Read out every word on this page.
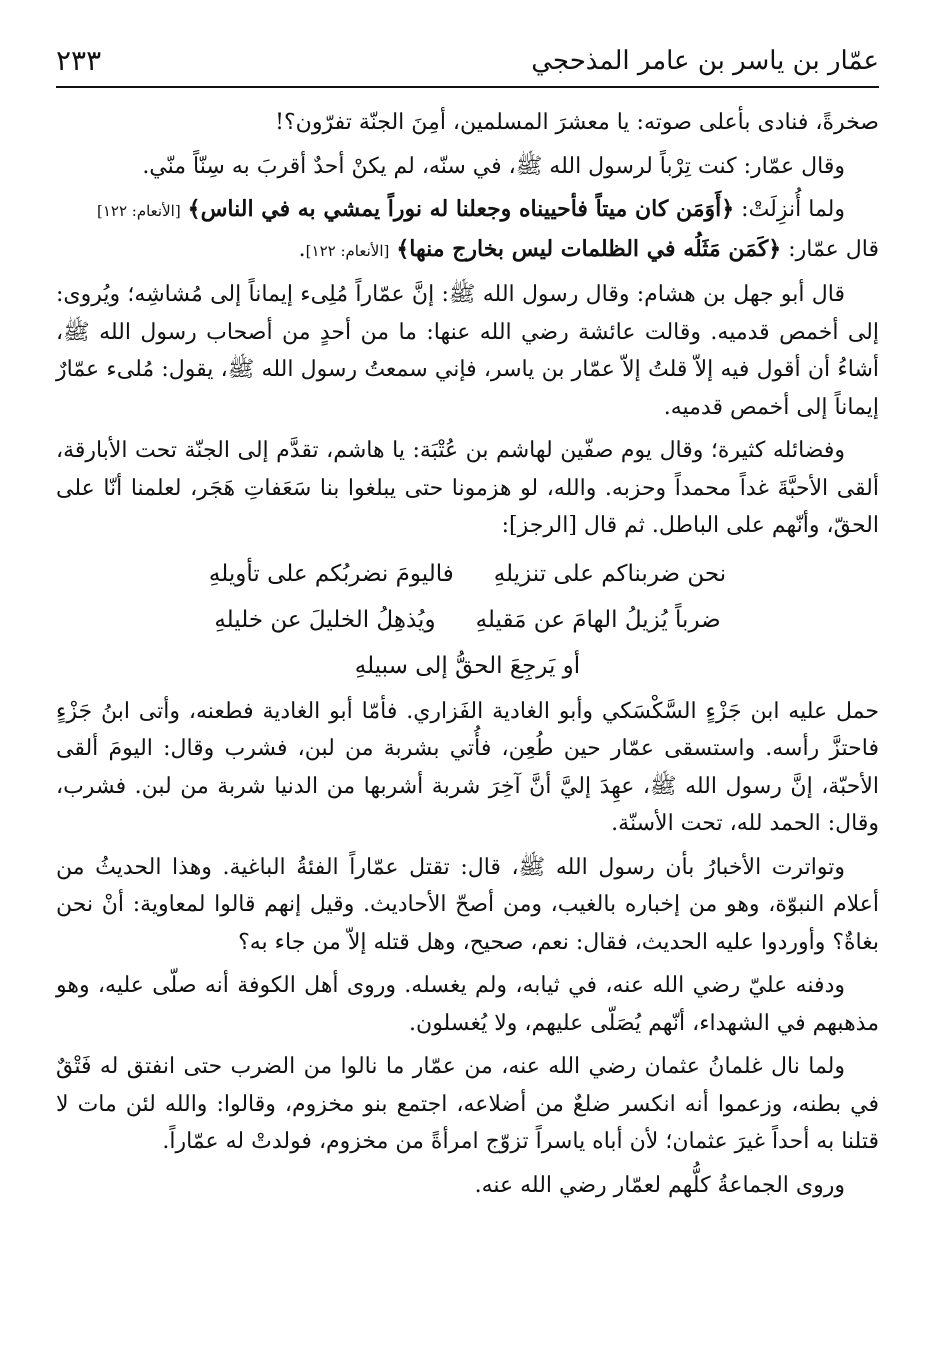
عمّار بن ياسر بن عامر المذحجي
٢٣٣

صخرةً، فنادى بأعلى صوته: يا معشرَ المسلمين، أمِنَ الجنّة تفرّون؟!

وقال عمّار: كنت تِرْباً لرسول الله ﷺ، في سنّه، لم يكنْ أحدٌ أقربَ به سِنّاً منّي.

ولما أُنزِلَتْ: ﴿أَوَمَن كان ميتاً فأحييناه وجعلنا له نوراً يمشي به في الناس﴾ [الأنعام: ١٢٢]
قال عمّار: ﴿كَمَن مَثَلُه في الظلمات ليس بخارج منها﴾ [الأنعام: ١٢٢].

قال أبو جهل بن هشام: وقال رسول الله ﷺ: إنَّ عمّاراً مُلِىء إيماناً إلى مُشاشِه؛ ويُروى: إلى أخمص قدميه. وقالت عائشة رضي الله عنها: ما من أحدٍ من أصحاب رسول الله ﷺ، أشاءُ أن أقول فيه إلاّ قلتُ إلاّ عمّار بن ياسر، فإني سمعتُ رسول الله ﷺ، يقول: مُلىء عمّارٌ إيماناً إلى أخمص قدميه.

وفضائله كثيرة؛ وقال يوم صفّين لهاشم بن عُتْبَة: يا هاشم، تقدَّم إلى الجنّة تحت الأبارقة، ألقى الأحبَّةَ غداً محمداً وحزبه. والله، لو هزمونا حتى يبلغوا بنا سَعَفاتِ هَجَر، لعلمنا أنّا على الحقّ، وأنّهم على الباطل. ثم قال [الرجز]:

نحن ضربناكم على تنزيلهِ
فاليومَ نضربُكم على تأويلهِ
ضرباً يُزيلُ الهامَ عن مَقيلهِ
ويُذهِلُ الخليلَ عن خليلهِ
أو يَرجِعَ الحقُّ إلى سبيلهِ

حمل عليه ابن جَزْءٍ السَّكْسَكي وأبو الغادية الفَزاري. فأمّا أبو الغادية فطعنه، وأتى ابنُ جَزْءٍ فاحتزَّ رأسه. واستسقى عمّار حين طُعِن، فأُتي بشربة من لبن، فشرب وقال: اليومَ ألقى الأحبّة، إنَّ رسول الله ﷺ، عهِدَ إليَّ أنَّ آخِرَ شربة أشربها من الدنيا شربة من لبن. فشرب، وقال: الحمد لله، تحت الأسنّة.

وتواترت الأخبارُ بأن رسول الله ﷺ، قال: تقتل عمّاراً الفئةُ الباغية. وهذا الحديثُ من أعلام النبوّة، وهو من إخباره بالغيب، ومن أصحّ الأحاديث. وقيل إنهم قالوا لمعاوية: أنْ نحن بغاةٌ؟ وأوردوا عليه الحديث، فقال: نعم، صحيح، وهل قتله إلاّ من جاء به؟

ودفنه عليّ رضي الله عنه، في ثيابه، ولم يغسله. وروى أهل الكوفة أنه صلّى عليه، وهو مذهبهم في الشهداء، أنّهم يُصَلّى عليهم، ولا يُغسلون.

ولما نال غلمانُ عثمان رضي الله عنه، من عمّار ما نالوا من الضرب حتى انفتق له فَتْقٌ في بطنه، وزعموا أنه انكسر ضلعٌ من أضلاعه، اجتمع بنو مخزوم، وقالوا: والله لئن مات لا قتلنا به أحداً غيرَ عثمان؛ لأن أباه ياسراً تزوّج امرأةً من مخزوم، فولدتْ له عمّاراً.

وروى الجماعةُ كلُّهم لعمّار رضي الله عنه.
